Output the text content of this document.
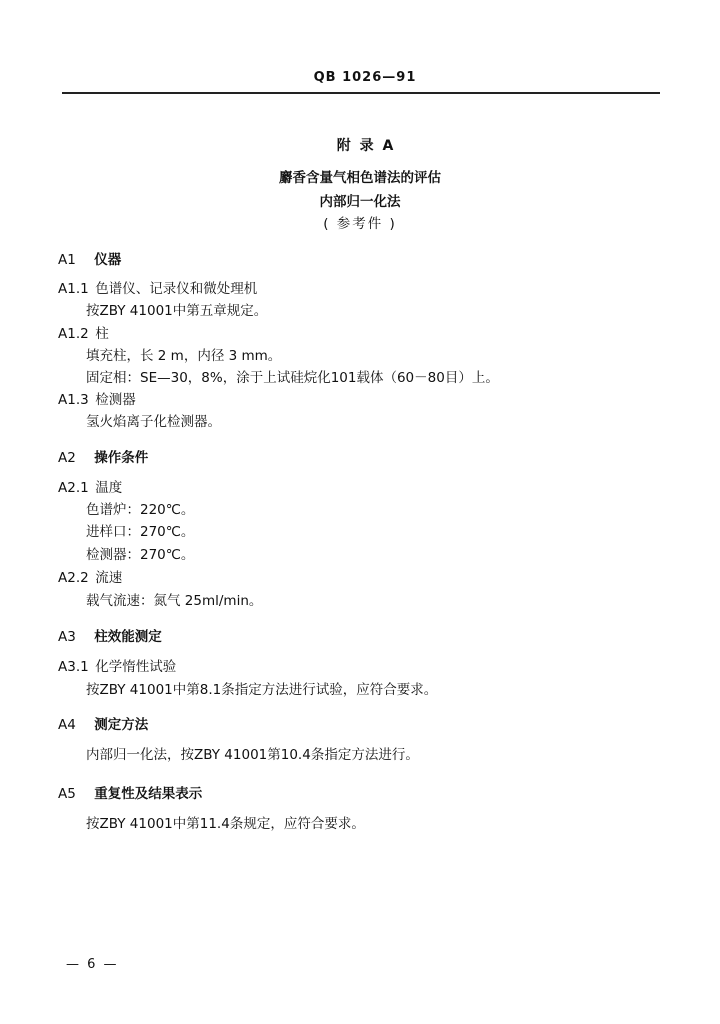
QB 1026—91
附 录 A
麝香含量气相色谱法的评估
内部归一化法
( 参考件 )
A1 仪器
A1.1 色谱仪、记录仪和微处理机
按ZBY 41001中第五章规定。
A1.2 柱
填充柱，长 2 m，内径 3 mm。
固定相：SE—30，8%，涂于上试硅烷化101载体（60－80目）上。
A1.3 检测器
氢火焰离子化检测器。
A2 操作条件
A2.1 温度
色谱炉：220℃。
进样口：270℃。
检测器：270℃。
A2.2 流速
载气流速：氮气 25ml/min。
A3 柱效能测定
A3.1 化学惰性试验
按ZBY 41001中第8.1条指定方法进行试验，应符合要求。
A4 测定方法
内部归一化法，按ZBY 41001第10.4条指定方法进行。
A5 重复性及结果表示
按ZBY 41001中第11.4条规定，应符合要求。
— 6 —
